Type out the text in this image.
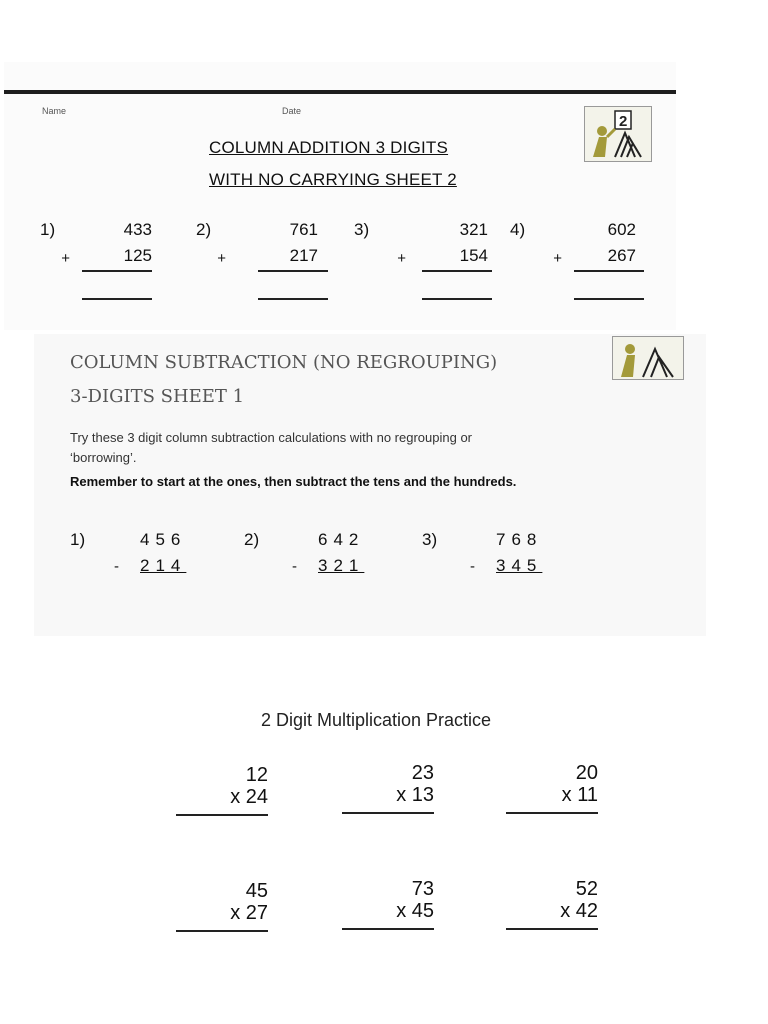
Name	Date
COLUMN ADDITION 3 DIGITS
WITH NO CARRYING SHEET 2
2
1)	433
+	125
2)	761
+	217
3)	321
+	154
4)	602
+	267
COLUMN SUBTRACTION (NO REGROUPING)
3-DIGITS SHEET 1
Try these 3 digit column subtraction calculations with no regrouping or
‘borrowing’.
Remember to start at the ones, then subtract the tens and the hundreds.
1)	456
- 214
2)	642
- 321
3)	768
- 345
2 Digit Multiplication Practice
12
x 24
23
x 13
20
x 11
45
x 27
73
x 45
52
x 42
